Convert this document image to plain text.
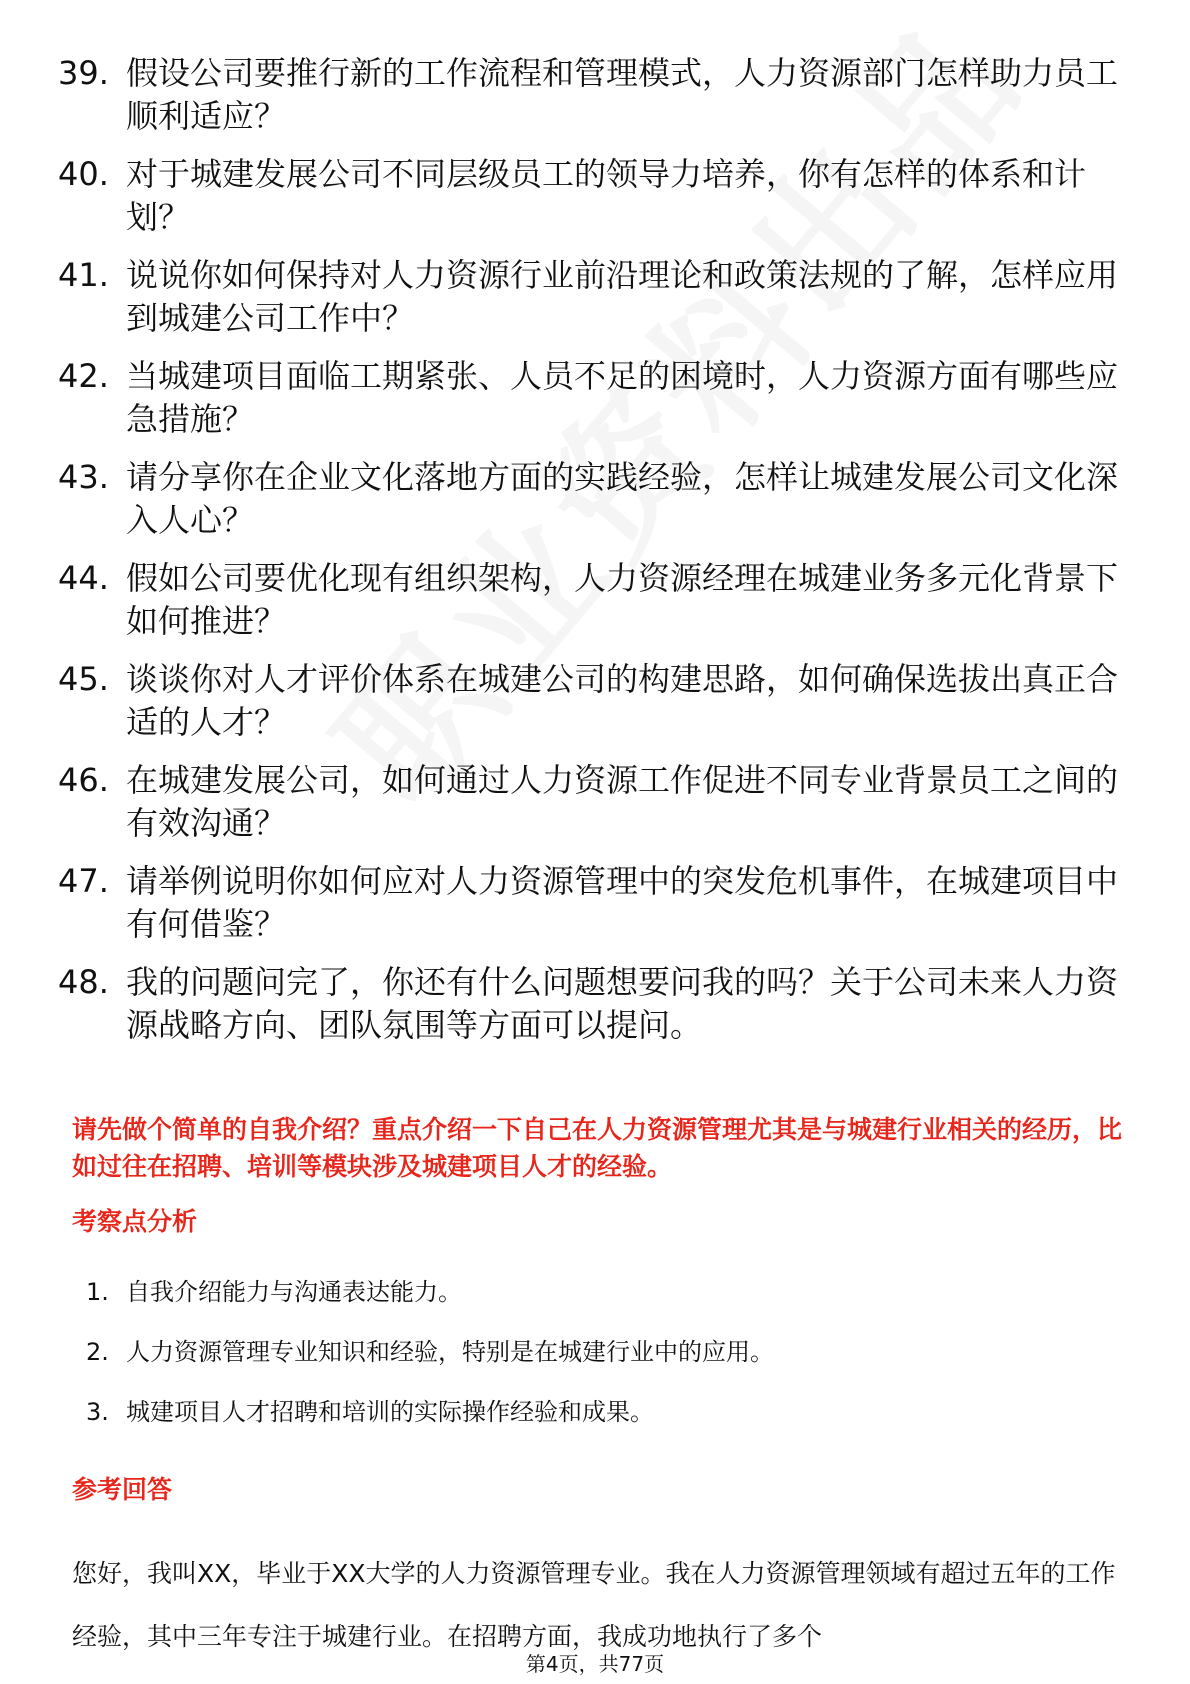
39. 假设公司要推行新的工作流程和管理模式，人力资源部门怎样助力员工顺利适应？
40. 对于城建发展公司不同层级员工的领导力培养，你有怎样的体系和计划？
41. 说说你如何保持对人力资源行业前沿理论和政策法规的了解，怎样应用到城建公司工作中？
42. 当城建项目面临工期紧张、人员不足的困境时，人力资源方面有哪些应急措施？
43. 请分享你在企业文化落地方面的实践经验，怎样让城建发展公司文化深入人心？
44. 假如公司要优化现有组织架构，人力资源经理在城建业务多元化背景下如何推进？
45. 谈谈你对人才评价体系在城建公司的构建思路，如何确保选拔出真正合适的人才？
46. 在城建发展公司，如何通过人力资源工作促进不同专业背景员工之间的有效沟通？
47. 请举例说明你如何应对人力资源管理中的突发危机事件，在城建项目中有何借鉴？
48. 我的问题问完了，你还有什么问题想要问我的吗？关于公司未来人力资源战略方向、团队氛围等方面可以提问。

请先做个简单的自我介绍？重点介绍一下自己在人力资源管理尤其是与城建行业相关的经历，比如过往在招聘、培训等模块涉及城建项目人才的经验。

考察点分析
1. 自我介绍能力与沟通表达能力。
2. 人力资源管理专业知识和经验，特别是在城建行业中的应用。
3. 城建项目人才招聘和培训的实际操作经验和成果。
参考回答

您好，我叫XX，毕业于XX大学的人力资源管理专业。我在人力资源管理领域有超过五年的工作经验，其中三年专注于城建行业。在招聘方面，我成功地执行了多个

第4页，共77页
